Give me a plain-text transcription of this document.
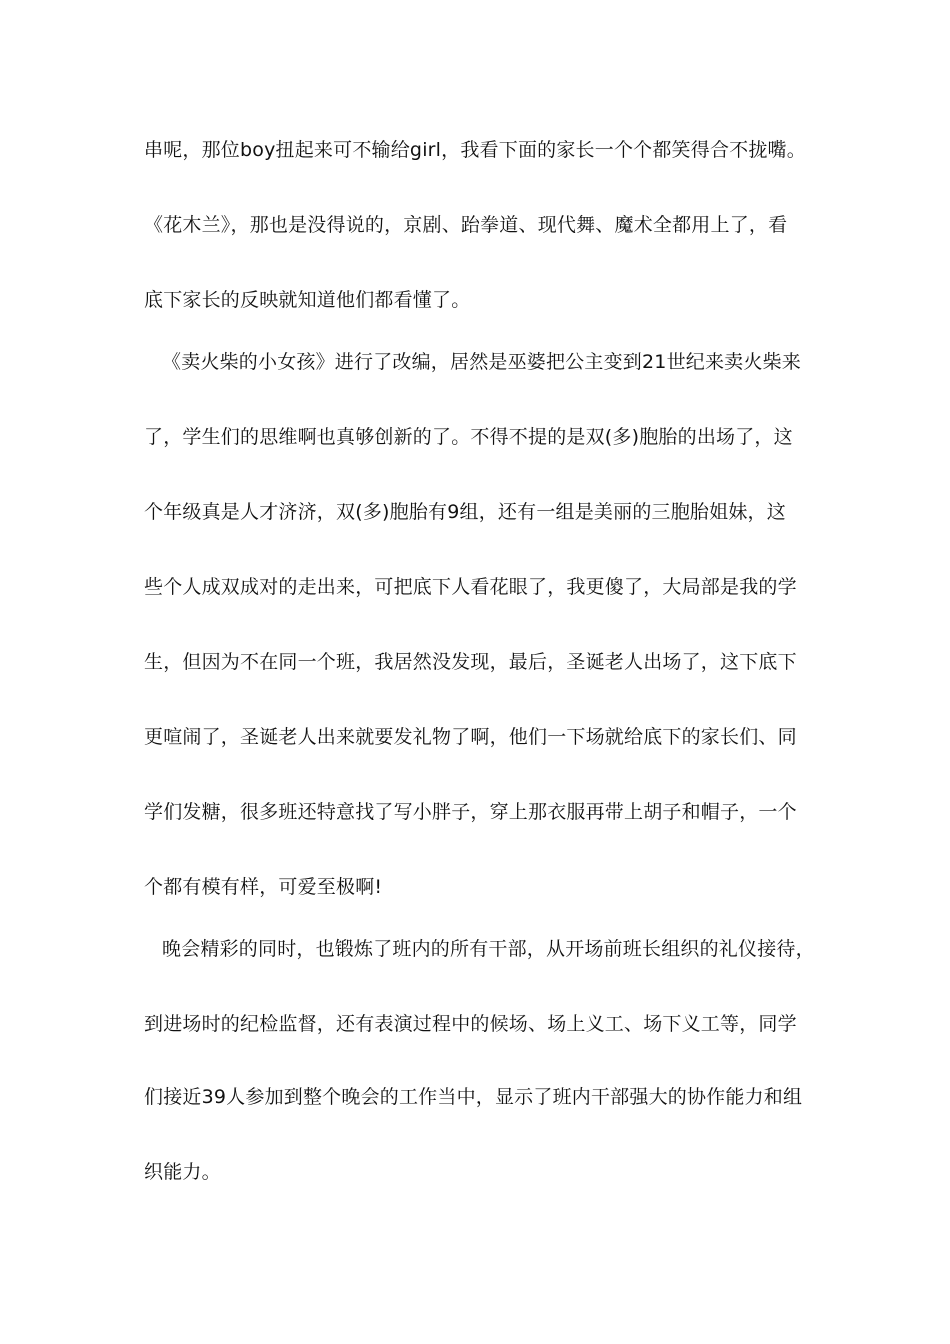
串呢，那位boy扭起来可不输给girl，我看下面的家长一个个都笑得合不拢嘴。
《花木兰》，那也是没得说的，京剧、跆拳道、现代舞、魔术全都用上了，看
底下家长的反映就知道他们都看懂了。
《卖火柴的小女孩》进行了改编，居然是巫婆把公主变到21世纪来卖火柴来
了，学生们的思维啊也真够创新的了。不得不提的是双(多)胞胎的出场了，这
个年级真是人才济济，双(多)胞胎有9组，还有一组是美丽的三胞胎姐妹，这
些个人成双成对的走出来，可把底下人看花眼了，我更傻了，大局部是我的学
生，但因为不在同一个班，我居然没发现，最后，圣诞老人出场了，这下底下
更喧闹了，圣诞老人出来就要发礼物了啊，他们一下场就给底下的家长们、同
学们发糖，很多班还特意找了写小胖子，穿上那衣服再带上胡子和帽子，一个
个都有模有样，可爱至极啊!
晚会精彩的同时，也锻炼了班内的所有干部，从开场前班长组织的礼仪接待，
到进场时的纪检监督，还有表演过程中的候场、场上义工、场下义工等，同学
们接近39人参加到整个晚会的工作当中，显示了班内干部强大的协作能力和组
织能力。
